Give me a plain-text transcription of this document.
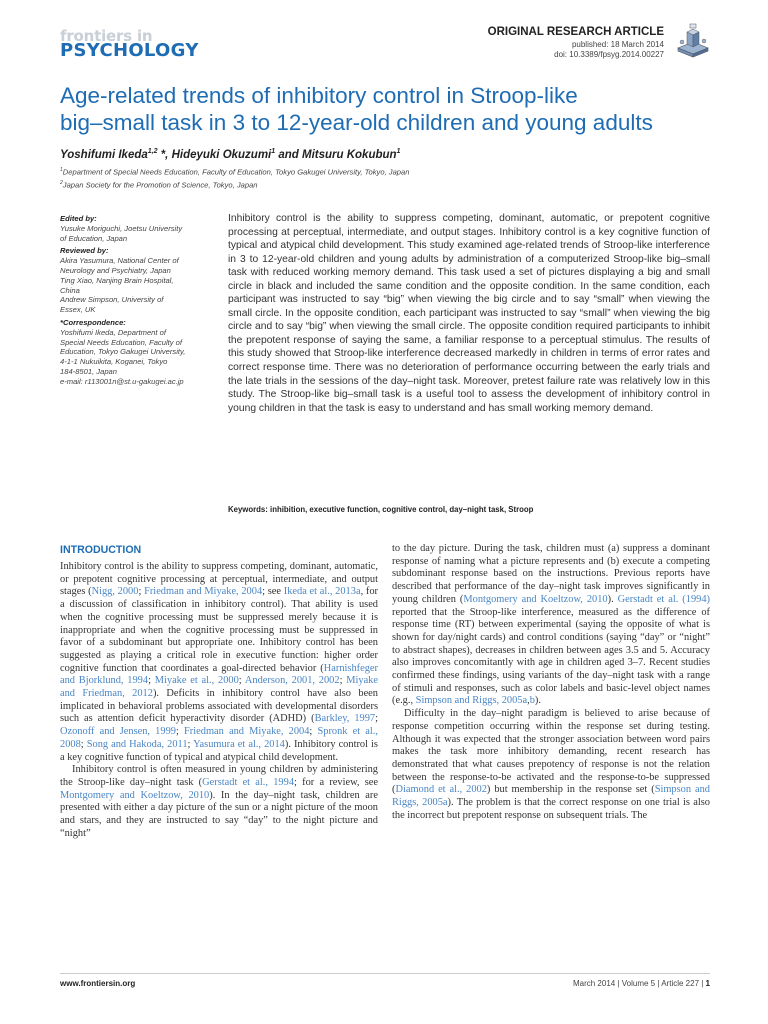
frontiers in
PSYCHOLOGY
ORIGINAL RESEARCH ARTICLE
published: 18 March 2014
doi: 10.3389/fpsyg.2014.00227
Age-related trends of inhibitory control in Stroop-like
big–small task in 3 to 12-year-old children and young adults
Yoshifumi Ikeda$^{1,2}$ *, Hideyuki Okuzumi$^1$ and Mitsuru Kokubun$^1$
$^1$Department of Special Needs Education, Faculty of Education, Tokyo Gakugei University, Tokyo, Japan
$^2$Japan Society for the Promotion of Science, Tokyo, Japan
Edited by:
Yusuke Moriguchi, Joetsu University
of Education, Japan
Reviewed by:
Akira Yasumura, National Center of
Neurology and Psychiatry, Japan
Ting Xiao, Nanjing Brain Hospital,
China
Andrew Simpson, University of
Essex, UK
*Correspondence:
Yoshifumi Ikeda, Department of
Special Needs Education, Faculty of
Education, Tokyo Gakugei University,
4-1-1 Nukuikita, Koganei, Tokyo
184-8501, Japan
e-mail: r113001n@st.u-gakugei.ac.jp
Inhibitory control is the ability to suppress competing, dominant, automatic, or prepotent cognitive processing at perceptual, intermediate, and output stages. Inhibitory control is a key cognitive function of typical and atypical child development. This study examined age-related trends of Stroop-like interference in 3 to 12-year-old children and young adults by administration of a computerized Stroop-like big–small task with reduced working memory demand. This task used a set of pictures displaying a big and small circle in black and included the same condition and the opposite condition. In the same condition, each participant was instructed to say “big” when viewing the big circle and to say “small” when viewing the small circle. In the opposite condition, each participant was instructed to say “small” when viewing the big circle and to say “big” when viewing the small circle. The opposite condition required participants to inhibit the prepotent response of saying the same, a familiar response to a perceptual stimulus. The results of this study showed that Stroop-like interference decreased markedly in children in terms of error rates and correct response time. There was no deterioration of performance occurring between the early trials and the late trials in the sessions of the day–night task. Moreover, pretest failure rate was relatively low in this study. The Stroop-like big–small task is a useful tool to assess the development of inhibitory control in young children in that the task is easy to understand and has small working memory demand.
Keywords: inhibition, executive function, cognitive control, day–night task, Stroop
INTRODUCTION

Inhibitory control is the ability to suppress competing, dominant, automatic, or prepotent cognitive processing at perceptual, intermediate, and output stages (Nigg, 2000; Friedman and Miyake, 2004; see Ikeda et al., 2013a, for a discussion of classification in inhibitory control). That ability is used when the cognitive processing must be suppressed merely because it is inappropriate and when the cognitive processing must be suppressed in favor of a subdominant but appropriate one. Inhibitory control has been suggested as playing a critical role in executive function: higher order cognitive function that coordinates a goal-directed behavior (Harnishfeger and Bjorklund, 1994; Miyake et al., 2000; Anderson, 2001, 2002; Miyake and Friedman, 2012). Deficits in inhibitory control have also been implicated in behavioral problems associated with developmental disorders such as attention deficit hyperactivity disorder (ADHD) (Barkley, 1997; Ozonoff and Jensen, 1999; Friedman and Miyake, 2004; Spronk et al., 2008; Song and Hakoda, 2011; Yasumura et al., 2014). Inhibitory control is a key cognitive function of typical and atypical child development.

Inhibitory control is often measured in young children by administering the Stroop-like day–night task (Gerstadt et al., 1994; for a review, see Montgomery and Koeltzow, 2010). In the day–night task, children are presented with either a day picture of the sun or a night picture of the moon and stars, and they are instructed to say “day” to the night picture and “night”

to the day picture. During the task, children must (a) suppress a dominant response of naming what a picture represents and (b) execute a competing subdominant response based on the instructions. Previous reports have described that performance of the day–night task improves significantly in young children (Montgomery and Koeltzow, 2010). Gerstadt et al. (1994) reported that the Stroop-like interference, measured as the difference of response time (RT) between experimental (saying the opposite of what is shown for day/night cards) and control conditions (saying “day” or “night” to abstract shapes), decreases in children between ages 3.5 and 5. Accuracy also improves concomitantly with age in children aged 3–7. Recent studies confirmed these findings, using variants of the day–night task with a range of stimuli and responses, such as color labels and basic-level object names (e.g., Simpson and Riggs, 2005a,b).

Difficulty in the day–night paradigm is believed to arise because of response competition occurring within the response set during testing. Although it was expected that the stronger association between word pairs makes the task more inhibitory demanding, recent research has demonstrated that what causes prepotency of response is not the relation between the response-to-be activated and the response-to-be suppressed (Diamond et al., 2002) but membership in the response set (Simpson and Riggs, 2005a). The problem is that the correct response on one trial is also the incorrect but prepotent response on subsequent trials. The

www.frontiersin.org	March 2014 | Volume 5 | Article 227 | 1
